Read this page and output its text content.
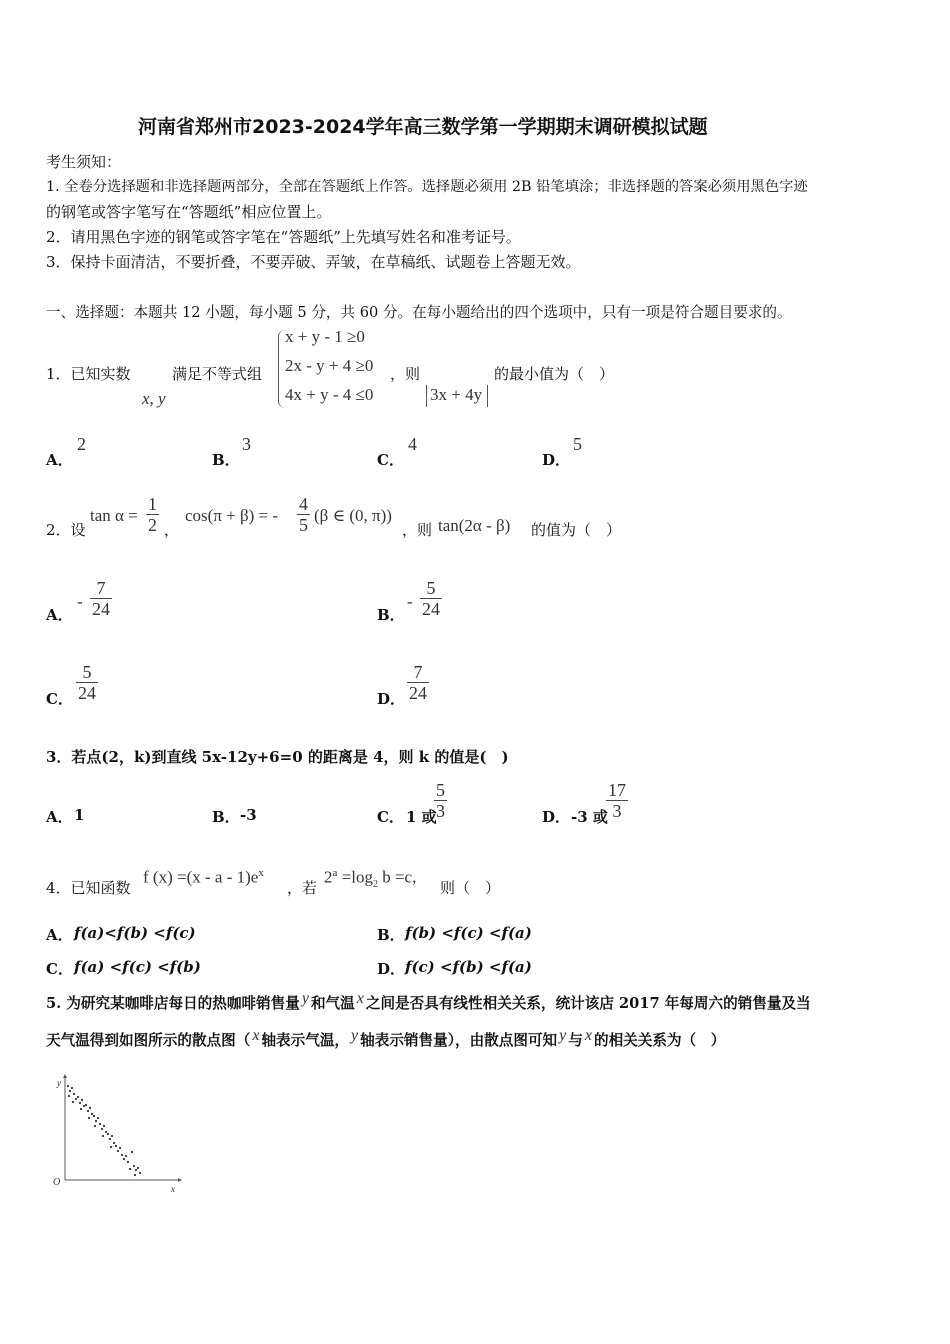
河南省郑州市2023-2024学年高三数学第一学期期末调研模拟试题
考生须知：
1. 全卷分选择题和非选择题两部分，全部在答题纸上作答。选择题必须用 2B 铅笔填涂；非选择题的答案必须用黑色字迹
的钢笔或答字笔写在“答题纸”相应位置上。
2．请用黑色字迹的钢笔或答字笔在“答题纸”上先填写姓名和准考证号。
3．保持卡面清洁，不要折叠，不要弄破、弄皱，在草稿纸、试题卷上答题无效。
一、选择题：本题共 12 小题，每小题 5 分，共 60 分。在每小题给出的四个选项中，只有一项是符合题目要求的。
1．已知实数
x, y
满足不等式组
x + y - 1 ≥0
2x - y + 4 ≥0
4x + y - 4 ≤0
，则
3x + 4y
的最小值为（　）
A．
2
B．
3
C．
4
D．
5
2．设
$\tan \alpha = \frac{1}{2}$ ，
cos(π + β) = - $\frac{4}{5} (\beta$ ∈ (0, π))
，则 tan(2α - β) 的值为（　）
A．
- $\frac{7}{24}$	B．
- $\frac{5}{24}$
C． $\frac{5}{24}$	D． $\frac{7}{24}$
3．若点(2，k)到直线 5x-12y+6=0 的距离是 4，则 k 的值是(　)
A． 1	B． -3	C． 1 或
$\frac{5}{3}$	D． -3 或
$\frac{17}{3}$
4．已知函数
f $(x) =(x - a - 1)e^x$
，若
$2^a =\log_2$ b =c,
则（　）
A． f(a)<f(b) <f(c)	B． f(b) <f(c) <f(a)
C． f(a) <f(c) <f(b)	D． f(c) <f(b) <f(a)
5. 为研究某咖啡店每日的热咖啡销售量 y 和气温 x 之间是否具有线性相关关系，统计该店 2017 年每周六的销售量及当
天气温得到如图所示的散点图（ x 轴表示气温， y 轴表示销售量），由散点图可知 y 与 x 的相关关系为（　）
O
x
y
